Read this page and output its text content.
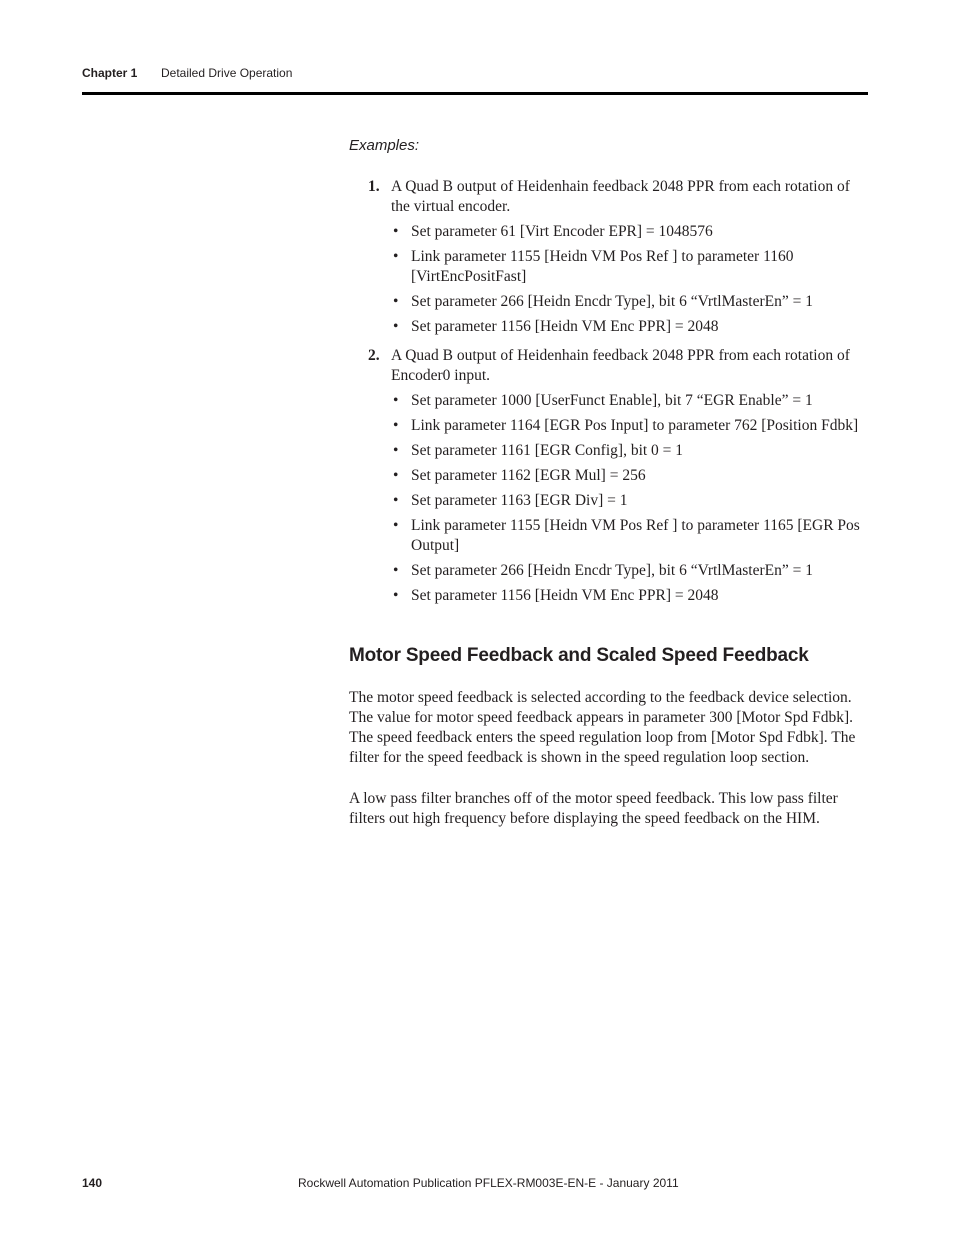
Chapter 1 Detailed Drive Operation
Examples:
1. A Quad B output of Heidenhain feedback 2048 PPR from each rotation of the virtual encoder.
• Set parameter 61 [Virt Encoder EPR] = 1048576
• Link parameter 1155 [Heidn VM Pos Ref ] to parameter 1160 [VirtEncPositFast]
• Set parameter 266 [Heidn Encdr Type], bit 6 “VrtlMasterEn” = 1
• Set parameter 1156 [Heidn VM Enc PPR] = 2048
2. A Quad B output of Heidenhain feedback 2048 PPR from each rotation of Encoder0 input.
• Set parameter 1000 [UserFunct Enable], bit 7 “EGR Enable” = 1
• Link parameter 1164 [EGR Pos Input] to parameter 762 [Position Fdbk]
• Set parameter 1161 [EGR Config], bit 0 = 1
• Set parameter 1162 [EGR Mul] = 256
• Set parameter 1163 [EGR Div] = 1
• Link parameter 1155 [Heidn VM Pos Ref ] to parameter 1165 [EGR Pos Output]
• Set parameter 266 [Heidn Encdr Type], bit 6 “VrtlMasterEn” = 1
• Set parameter 1156 [Heidn VM Enc PPR] = 2048
Motor Speed Feedback and Scaled Speed Feedback

The motor speed feedback is selected according to the feedback device selection. The value for motor speed feedback appears in parameter 300 [Motor Spd Fdbk]. The speed feedback enters the speed regulation loop from [Motor Spd Fdbk]. The filter for the speed feedback is shown in the speed regulation loop section.

A low pass filter branches off of the motor speed feedback. This low pass filter filters out high frequency before displaying the speed feedback on the HIM.

140	Rockwell Automation Publication PFLEX-RM003E-EN-E - January 2011
